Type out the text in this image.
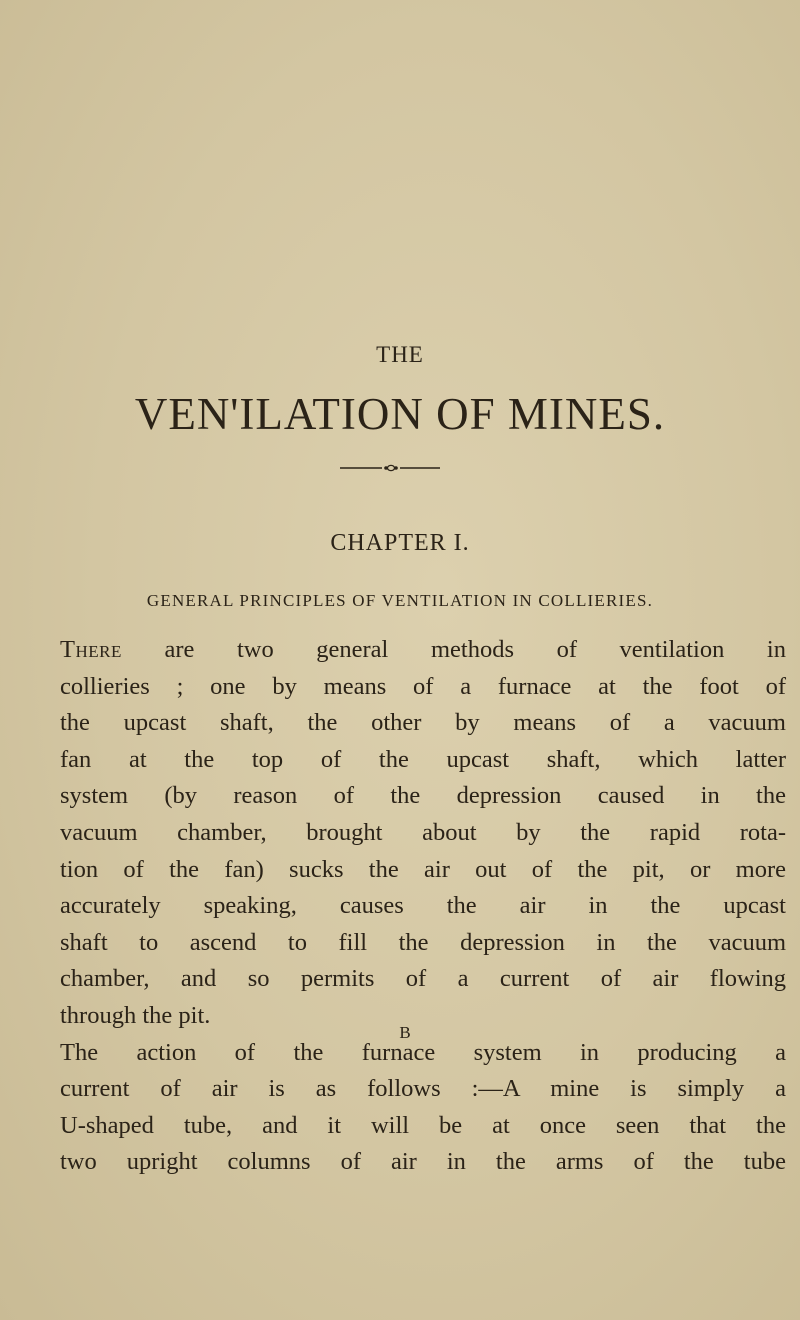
THE
VEN'ILATION OF MINES.
CHAPTER I.
GENERAL PRINCIPLES OF VENTILATION IN COLLIERIES.
There are two general methods of ventilation in
collieries ; one by means of a furnace at the foot of
the upcast shaft, the other by means of a vacuum
fan at the top of the upcast shaft, which latter
system (by reason of the depression caused in the
vacuum chamber, brought about by the rapid rota-
tion of the fan) sucks the air out of the pit, or more
accurately speaking, causes the air in the upcast
shaft to ascend to fill the depression in the vacuum
chamber, and so permits of a current of air flowing
through the pit.
The action of the furnace system in producing a
current of air is as follows :—A mine is simply a
U-shaped tube, and it will be at once seen that the
two upright columns of air in the arms of the tube
B
